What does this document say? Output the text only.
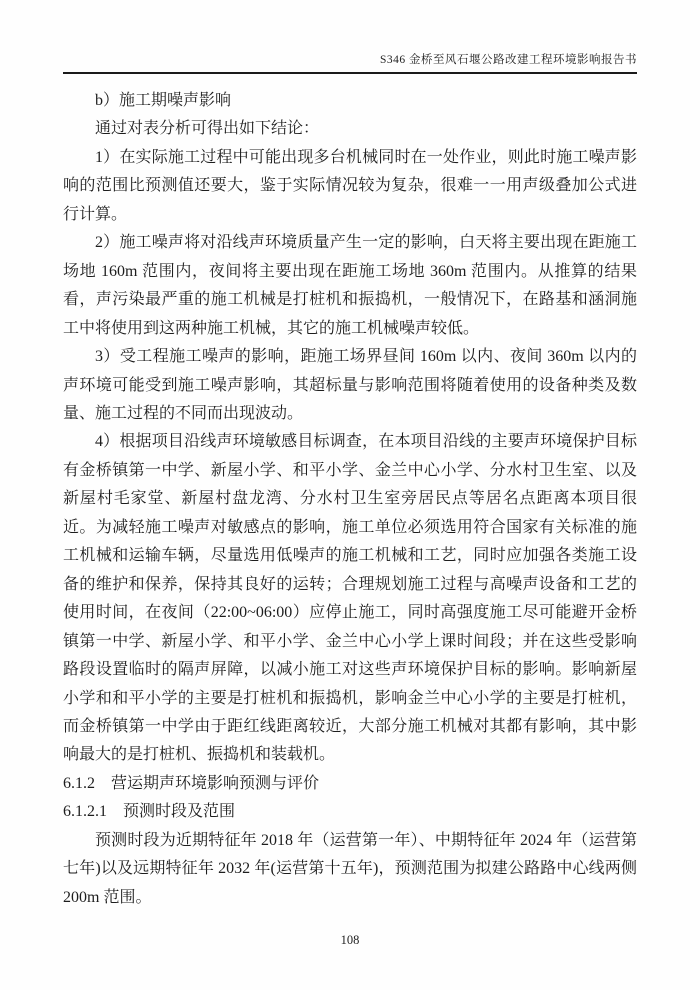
S346 金桥至风石堰公路改建工程环境影响报告书

b）施工期噪声影响

通过对表分析可得出如下结论：

1）在实际施工过程中可能出现多台机械同时在一处作业，则此时施工噪声影响的范围比预测值还要大，鉴于实际情况较为复杂，很难一一用声级叠加公式进行计算。

2）施工噪声将对沿线声环境质量产生一定的影响，白天将主要出现在距施工场地 160m 范围内，夜间将主要出现在距施工场地 360m 范围内。从推算的结果看，声污染最严重的施工机械是打桩机和振捣机，一般情况下，在路基和涵洞施工中将使用到这两种施工机械，其它的施工机械噪声较低。

3）受工程施工噪声的影响，距施工场界昼间 160m 以内、夜间 360m 以内的声环境可能受到施工噪声影响，其超标量与影响范围将随着使用的设备种类及数量、施工过程的不同而出现波动。

4）根据项目沿线声环境敏感目标调查，在本项目沿线的主要声环境保护目标有金桥镇第一中学、新屋小学、和平小学、金兰中心小学、分水村卫生室、以及新屋村毛家堂、新屋村盘龙湾、分水村卫生室旁居民点等居名点距离本项目很近。为减轻施工噪声对敏感点的影响，施工单位必须选用符合国家有关标准的施工机械和运输车辆，尽量选用低噪声的施工机械和工艺，同时应加强各类施工设备的维护和保养，保持其良好的运转；合理规划施工过程与高噪声设备和工艺的使用时间，在夜间（22:00~06:00）应停止施工，同时高强度施工尽可能避开金桥镇第一中学、新屋小学、和平小学、金兰中心小学上课时间段；并在这些受影响路段设置临时的隔声屏障，以减小施工对这些声环境保护目标的影响。影响新屋小学和和平小学的主要是打桩机和振捣机，影响金兰中心小学的主要是打桩机，而金桥镇第一中学由于距红线距离较近，大部分施工机械对其都有影响，其中影响最大的是打桩机、振捣机和装载机。

6.1.2　营运期声环境影响预测与评价

6.1.2.1　预测时段及范围

预测时段为近期特征年 2018 年（运营第一年）、中期特征年 2024 年（运营第七年)以及远期特征年 2032 年(运营第十五年)，预测范围为拟建公路路中心线两侧 200m 范围。

108
